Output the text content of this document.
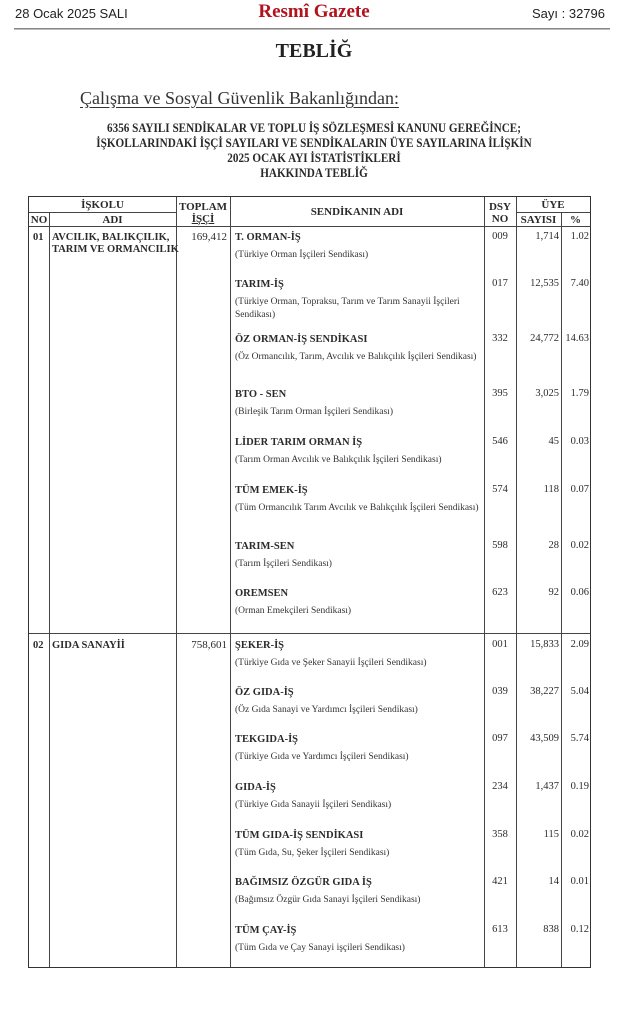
28 Ocak 2025 SALI	Resmî Gazete	Sayı : 32796
TEBLİĞ
Çalışma ve Sosyal Güvenlik Bakanlığından:
6356 SAYILI SENDİKALAR VE TOPLU İŞ SÖZLEŞMESİ KANUNU GEREĞİNCE;
İŞKOLLARINDAKİ İŞÇİ SAYILARI VE SENDİKALARIN ÜYE SAYILARINA İLİŞKİN
2025 OCAK AYI İSTATİSTİKLERİ
HAKKINDA TEBLİĞ
İŞKOLU
NO	ADI
TOPLAM
İŞÇİ
SENDİKANIN ADI	DSY
NO
ÜYE
SAYISI	%
01 AVCILIK, BALIKÇILIK,
TARIM VE ORMANCILIK
169,412 T. ORMAN-İŞ
(Türkiye Orman İşçileri Sendikası)
009	1,714	1.02
TARIM-İŞ
(Türkiye Orman, Topraksu, Tarım ve Tarım Sanayii İşçileri Sendikası)
017	12,535	7.40
ÖZ ORMAN-İŞ SENDİKASI
(Öz Ormancılık, Tarım, Avcılık ve Balıkçılık İşçileri Sendikası)
332	24,772 14.63
BTO - SEN
(Birleşik Tarım Orman İşçileri Sendikası)
395	3,025	1.79
LİDER TARIM ORMAN İŞ
(Tarım Orman Avcılık ve Balıkçılık İşçileri Sendikası)
546	45	0.03
TÜM EMEK-İŞ
(Tüm Ormancılık Tarım Avcılık ve Balıkçılık İşçileri Sendikası)
574	118	0.07
TARIM-SEN
(Tarım İşçileri Sendikası)
598	28	0.02
OREMSEN
(Orman Emekçileri Sendikası)
623	92	0.06
02 GIDA SANAYİİ	758,601 ŞEKER-İŞ
(Türkiye Gıda ve Şeker Sanayii İşçileri Sendikası)
001	15,833	2.09
ÖZ GIDA-İŞ
(Öz Gıda Sanayi ve Yardımcı İşçileri Sendikası)
039	38,227	5.04
TEKGIDA-İŞ
(Türkiye Gıda ve Yardımcı İşçileri Sendikası)
097	43,509	5.74
GIDA-İŞ
(Türkiye Gıda Sanayii İşçileri Sendikası)
234	1,437	0.19
TÜM GIDA-İŞ SENDİKASI
(Tüm Gıda, Su, Şeker İşçileri Sendikası)
358	115	0.02
BAĞIMSIZ ÖZGÜR GIDA İŞ
(Bağımsız Özgür Gıda Sanayi İşçileri Sendikası)
421	14	0.01
TÜM ÇAY-İŞ
(Tüm Gıda ve Çay Sanayi işçileri Sendikası)
613	838	0.12
